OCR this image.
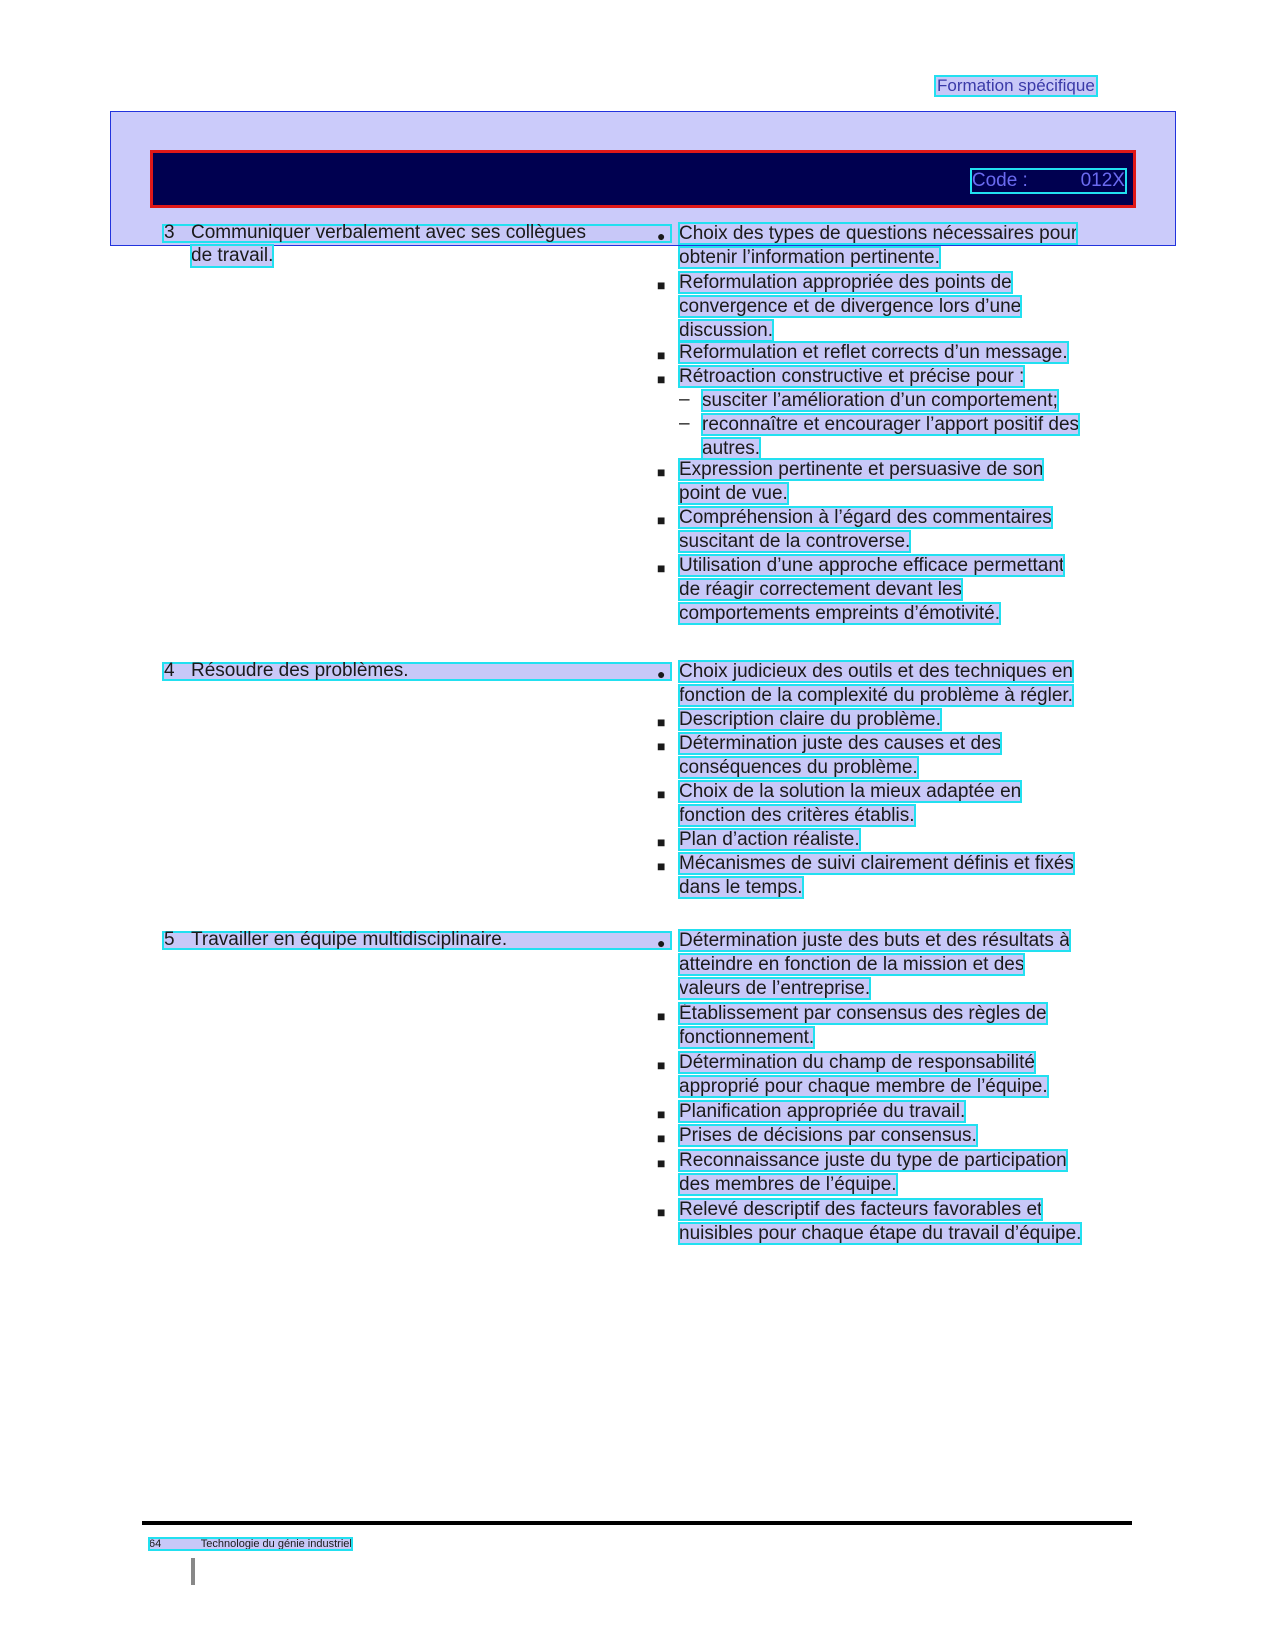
Formation spécifique
Code :          012X
3 Communiquer verbalement avec ses collègues
de travail.
● Choix des types de questions nécessaires pour
obtenir l’information pertinente.
■ Reformulation appropriée des points de
convergence et de divergence lors d’une
discussion.
■ Reformulation et reflet corrects d’un message.
■ Rétroaction constructive et précise pour :
– susciter l’amélioration d’un comportement;
– reconnaître et encourager l’apport positif des
autres.
■ Expression pertinente et persuasive de son
point de vue.
■ Compréhension à l’égard des commentaires
suscitant de la controverse.
■ Utilisation d’une approche efficace permettant
de réagir correctement devant les
comportements empreints d’émotivité.
4 Résoudre des problèmes.	● Choix judicieux des outils et des techniques en
fonction de la complexité du problème à régler.
■ Description claire du problème.
■ Détermination juste des causes et des
conséquences du problème.
■ Choix de la solution la mieux adaptée en
fonction des critères établis.
■ Plan d’action réaliste.
■ Mécanismes de suivi clairement définis et fixés
dans le temps.
5 Travailler en équipe multidisciplinaire.	● Détermination juste des buts et des résultats à
atteindre en fonction de la mission et des
valeurs de l’entreprise.
■ Établissement par consensus des règles de
fonctionnement.
■ Détermination du champ de responsabilité
approprié pour chaque membre de l’équipe.
■ Planification appropriée du travail.
■ Prises de décisions par consensus.
■ Reconnaissance juste du type de participation
des membres de l’équipe.
■ Relevé descriptif des facteurs favorables et
nuisibles pour chaque étape du travail d’équipe.
64	Technologie du génie industriel
